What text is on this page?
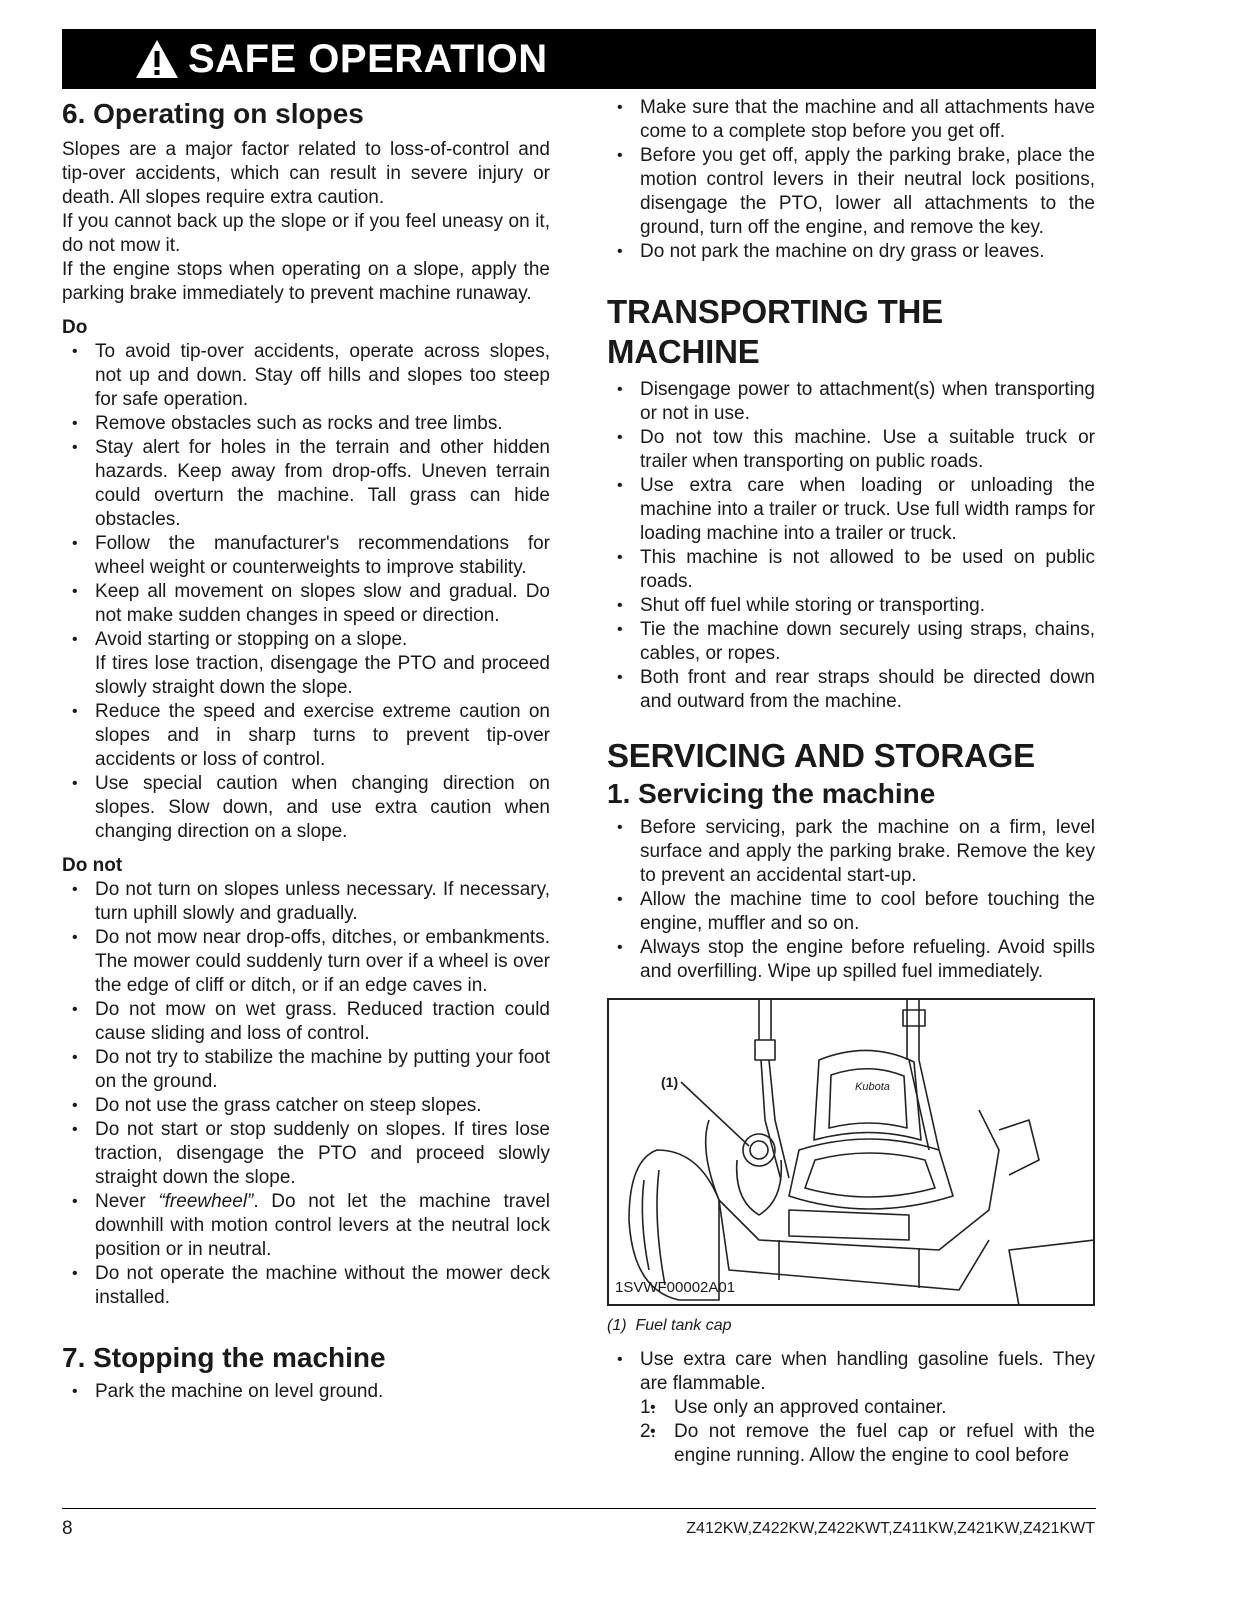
SAFE OPERATION
6. Operating on slopes

Slopes are a major factor related to loss-of-control and tip-over accidents, which can result in severe injury or death. All slopes require extra caution.

If you cannot back up the slope or if you feel uneasy on it, do not mow it.

If the engine stops when operating on a slope, apply the parking brake immediately to prevent machine runaway.

Do
• To avoid tip-over accidents, operate across slopes, not up and down. Stay off hills and slopes too steep for safe operation.
• Remove obstacles such as rocks and tree limbs.
• Stay alert for holes in the terrain and other hidden hazards. Keep away from drop-offs. Uneven terrain could overturn the machine. Tall grass can hide obstacles.
• Follow the manufacturer's recommendations for wheel weight or counterweights to improve stability.
• Keep all movement on slopes slow and gradual. Do not make sudden changes in speed or direction.
• Avoid starting or stopping on a slope.
If tires lose traction, disengage the PTO and proceed slowly straight down the slope.
• Reduce the speed and exercise extreme caution on slopes and in sharp turns to prevent tip-over accidents or loss of control.
• Use special caution when changing direction on slopes. Slow down, and use extra caution when changing direction on a slope.
Do not
• Do not turn on slopes unless necessary. If necessary, turn uphill slowly and gradually.
• Do not mow near drop-offs, ditches, or embankments. The mower could suddenly turn over if a wheel is over the edge of cliff or ditch, or if an edge caves in.
• Do not mow on wet grass. Reduced traction could cause sliding and loss of control.
• Do not try to stabilize the machine by putting your foot on the ground.
• Do not use the grass catcher on steep slopes.
• Do not start or stop suddenly on slopes. If tires lose traction, disengage the PTO and proceed slowly straight down the slope.
• Never “freewheel”. Do not let the machine travel downhill with motion control levers at the neutral lock position or in neutral.
• Do not operate the machine without the mower deck installed.
7. Stopping the machine
• Park the machine on level ground.
• Make sure that the machine and all attachments have come to a complete stop before you get off.
• Before you get off, apply the parking brake, place the motion control levers in their neutral lock positions, disengage the PTO, lower all attachments to the ground, turn off the engine, and remove the key.
• Do not park the machine on dry grass or leaves.
TRANSPORTING THE MACHINE
• Disengage power to attachment(s) when transporting or not in use.
• Do not tow this machine. Use a suitable truck or trailer when transporting on public roads.
• Use extra care when loading or unloading the machine into a trailer or truck. Use full width ramps for loading machine into a trailer or truck.
• This machine is not allowed to be used on public roads.
• Shut off fuel while storing or transporting.
• Tie the machine down securely using straps, chains, cables, or ropes.
• Both front and rear straps should be directed down and outward from the machine.
SERVICING AND STORAGE
1. Servicing the machine
• Before servicing, park the machine on a firm, level surface and apply the parking brake. Remove the key to prevent an accidental start-up.
• Allow the machine time to cool before touching the engine, muffler and so on.
• Always stop the engine before refueling. Avoid spills and overfilling. Wipe up spilled fuel immediately.
Kubota
(1)
1SVWF00002A01
(1) Fuel tank cap
• Use extra care when handling gasoline fuels. They are flammable.
• 1. Use only an approved container.
• 2. Do not remove the fuel cap or refuel with the engine running. Allow the engine to cool before
8	Z412KW,Z422KW,Z422KWT,Z411KW,Z421KW,Z421KWT
